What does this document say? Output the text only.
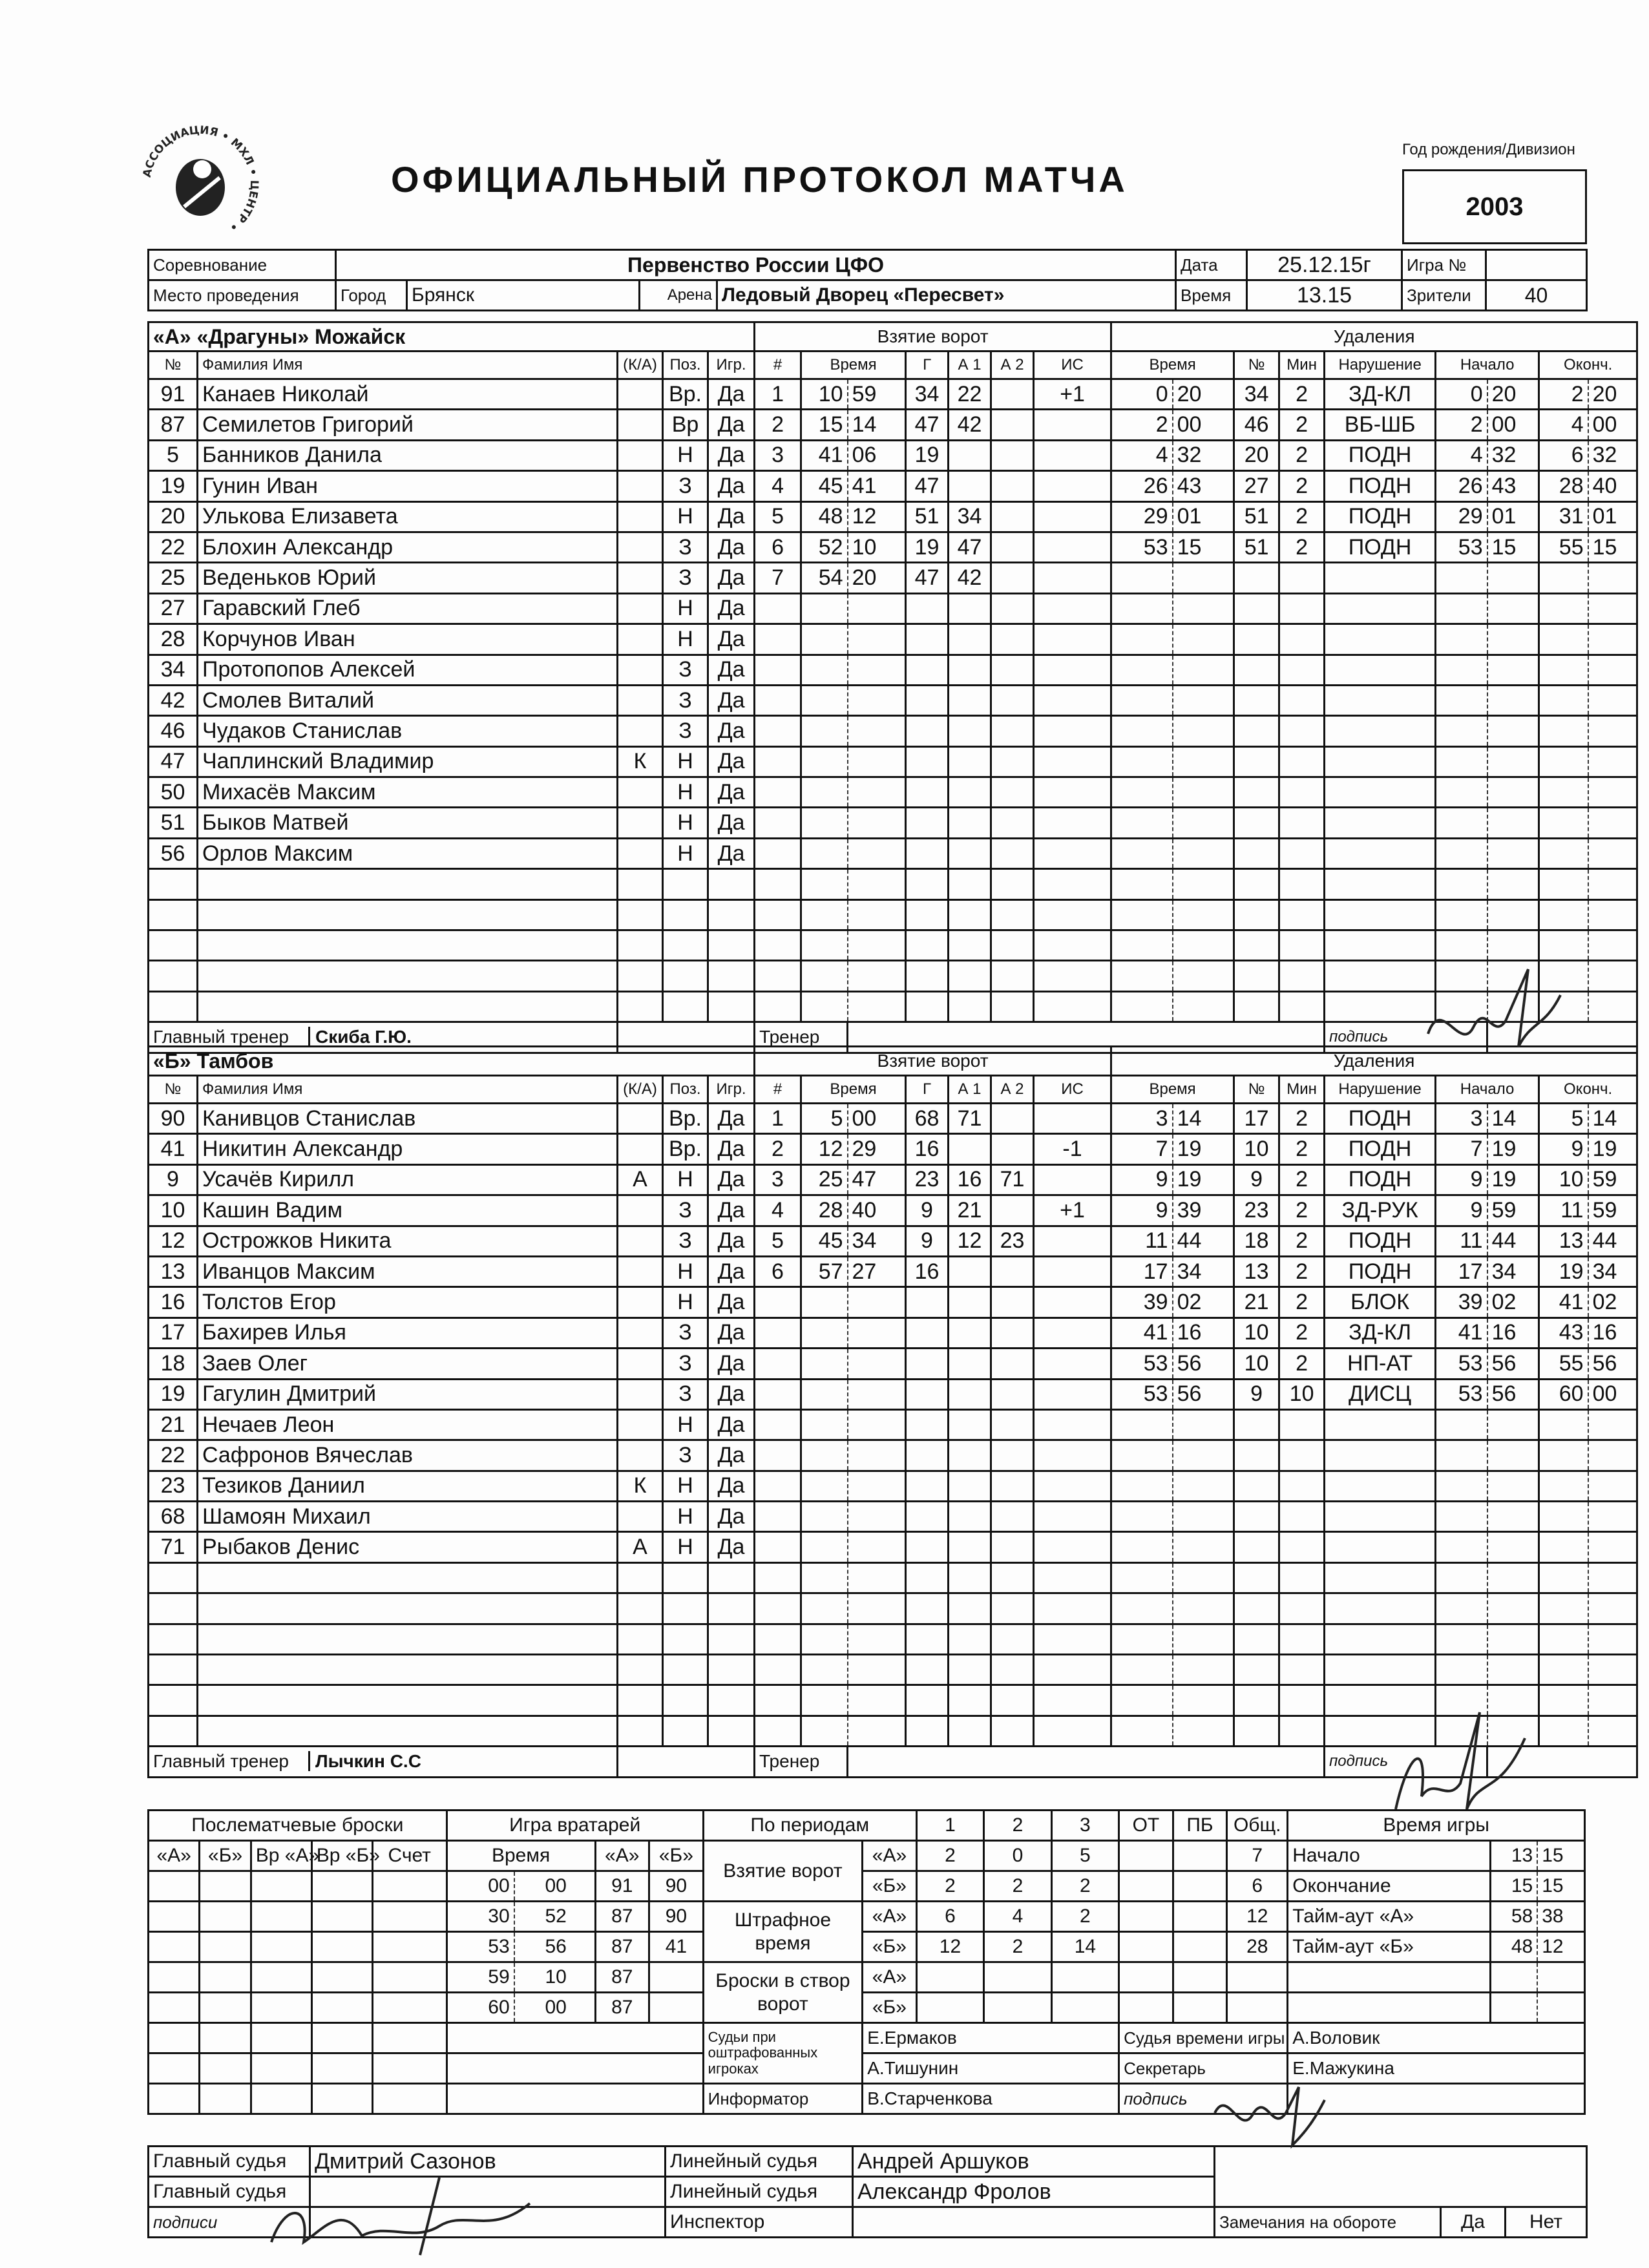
АССОЦИАЦИЯ • МХЛ • ЦЕНТР •
ОФИЦИАЛЬНЫЙ ПРОТОКОЛ МАТЧА
Год рождения/Дивизион
2003
Соревнование	Первенство России ЦФО				Дата	25.12.15г	Игра №	
Место проведения	Город	Брянск	Арена	Ледовый Дворец «Пересвет»	Время	13.15	Зрители	40
«А» «Драгуны» Можайск					Взятие ворот							Удаления								
№	Фамилия Имя	(К/А)	Поз.	Игр.	#	Время		Г	А 1	А 2	ИС	Время		№	Мин	Нарушение	Начало		Оконч.	
91	Канаев Николай		Вр.	Да	1	10	59	34	22		+1	0	20	34	2	ЗД-КЛ	0	20	2	20
87	Семилетов Григорий		Вр	Да	2	15	14	47	42			2	00	46	2	ВБ-ШБ	2	00	4	00
5	Банников Данила		Н	Да	3	41	06	19				4	32	20	2	ПОДН	4	32	6	32
19	Гунин Иван		З	Да	4	45	41	47				26	43	27	2	ПОДН	26	43	28	40
20	Улькова Елизавета		Н	Да	5	48	12	51	34			29	01	51	2	ПОДН	29	01	31	01
22	Блохин Александр		З	Да	6	52	10	19	47			53	15	51	2	ПОДН	53	15	55	15
25	Веденьков Юрий		З	Да	7	54	20	47	42											
27	Гаравский Глеб		Н	Да																
28	Корчунов Иван		Н	Да																
34	Протопопов Алексей		З	Да																
42	Смолев Виталий		З	Да																
46	Чудаков Станислав		З	Да																
47	Чаплинский Владимир	К	Н	Да																
50	Михасёв Максим		Н	Да																
51	Быков Матвей		Н	Да																
56	Орлов Максим		Н	Да																

Главный тренер Скиба Г.Ю.					Тренер											подпись				
«Б» Тамбов					Взятие ворот							Удаления								
№	Фамилия Имя	(К/А)	Поз.	Игр.	#	Время		Г	А 1	А 2	ИС	Время		№	Мин	Нарушение	Начало		Оконч.	
90	Канивцов Станислав		Вр.	Да	1	5	00	68	71			3	14	17	2	ПОДН	3	14	5	14
41	Никитин Александр		Вр.	Да	2	12	29	16			-1	7	19	10	2	ПОДН	7	19	9	19
9	Усачёв Кирилл	А	Н	Да	3	25	47	23	16	71		9	19	9	2	ПОДН	9	19	10	59
10	Кашин Вадим		З	Да	4	28	40	9	21		+1	9	39	23	2	ЗД-РУК	9	59	11	59
12	Острожков Никита		З	Да	5	45	34	9	12	23		11	44	18	2	ПОДН	11	44	13	44
13	Иванцов Максим		Н	Да	6	57	27	16				17	34	13	2	ПОДН	17	34	19	34
16	Толстов Егор		Н	Да								39	02	21	2	БЛОК	39	02	41	02
17	Бахирев Илья		З	Да								41	16	10	2	ЗД-КЛ	41	16	43	16
18	Заев Олег		З	Да								53	56	10	2	НП-АТ	53	56	55	56
19	Гагулин Дмитрий		З	Да								53	56	9	10	ДИСЦ	53	56	60	00
21	Нечаев Леон		Н	Да																
22	Сафронов Вячеслав		З	Да																
23	Тезиков Даниил	К	Н	Да																
68	Шамоян Михаил		Н	Да																
71	Рыбаков Денис	А	Н	Да																

Главный тренер Лычкин С.С					Тренер											подпись				
Послематчевые броски					Игра вратарей					По периодам		1	2	3	ОТ	ПБ	Общ.	Время игры		
«А»	«Б»	Вр «А»	Вр «Б»	Счет	Время			«А»	«Б»	Взятие ворот	«А»	2	0	5			7	Начало	13	15
					00		00	91	90		«Б»	2	2	2			6	Окончание	15	15
					30		52	87	90	Штрафное время	«А»	6	4	2			12	Тайм-аут «А»	58	38
					53		56	87	41		«Б»	12	2	14			28	Тайм-аут «Б»	48	12
					59		10	87		Броски в створ ворот	«А»									
					60		00	87			«Б»									
										Судьи при оштрафованных игроках	Е.Ермаков				Судья времени игры			А.Воловик		
											А.Тишунин				Секретарь			Е.Мажукина		
										Информатор	В.Старченкова				подпись					
Главный судья	Дмитрий Сазонов	Линейный судья	Андрей Аршуков			
Главный судья		Линейный судья	Александр Фролов			
подписи		Инспектор		Замечания на обороте	Да	Нет
